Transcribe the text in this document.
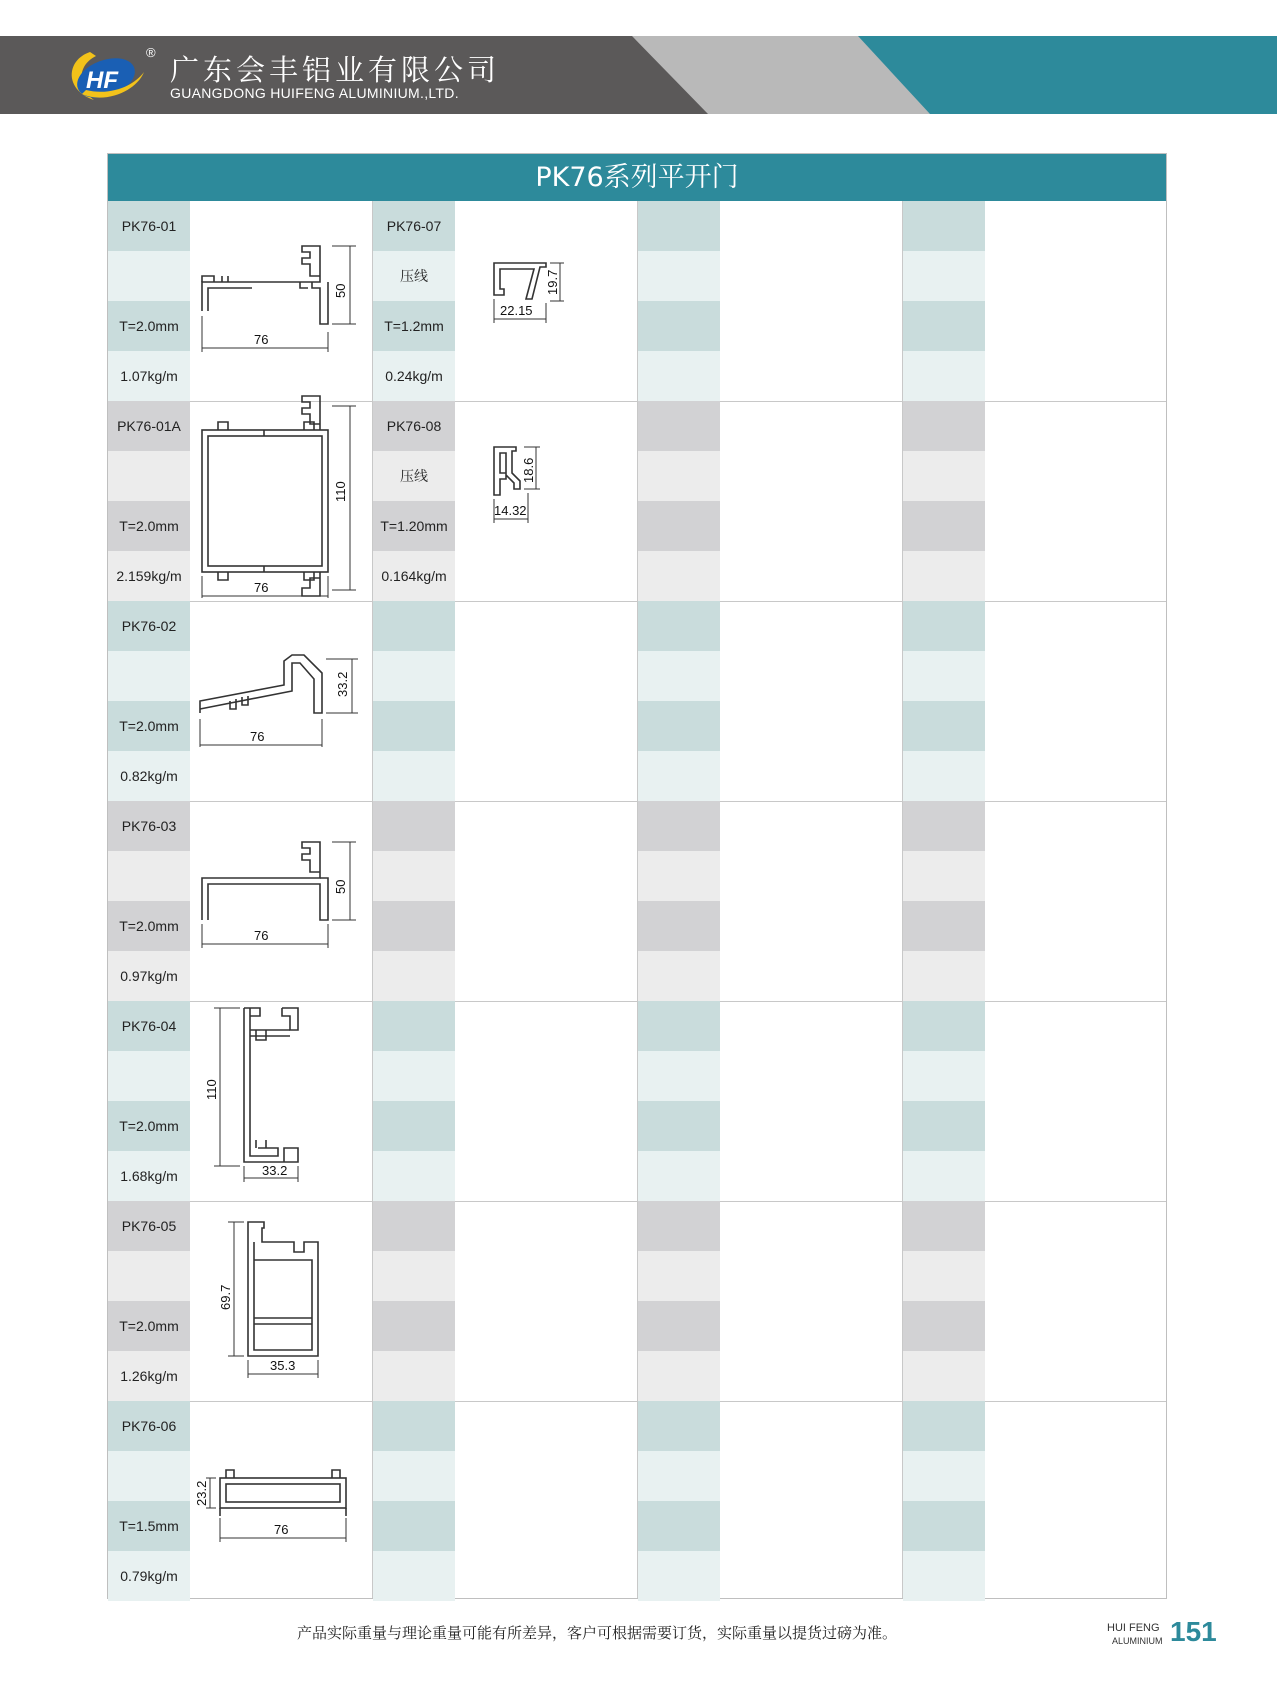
HF
®
广东会丰铝业有限公司
GUANGDONG HUIFENG ALUMINIUM.,LTD.
PK76系列平开门
PK76-01
T=2.0mm
1.07kg/m
PK76-01A
T=2.0mm
2.159kg/m
PK76-02
T=2.0mm
0.82kg/m
PK76-03
T=2.0mm
0.97kg/m
PK76-04
T=2.0mm
1.68kg/m
PK76-05
T=2.0mm
1.26kg/m
PK76-06
T=1.5mm
0.79kg/m
PK76-07
压线
T=1.2mm
0.24kg/m
PK76-08
压线
T=1.20mm
0.164kg/m
76
50
76
110
76
33.2
76
50
110
33.2
69.7
35.3
23.2
76
19.7
22.15
18.6
14.32
产品实际重量与理论重量可能有所差异，客户可根据需要订货，实际重量以提货过磅为准。	HUI FENG
ALUMINIUM 151
